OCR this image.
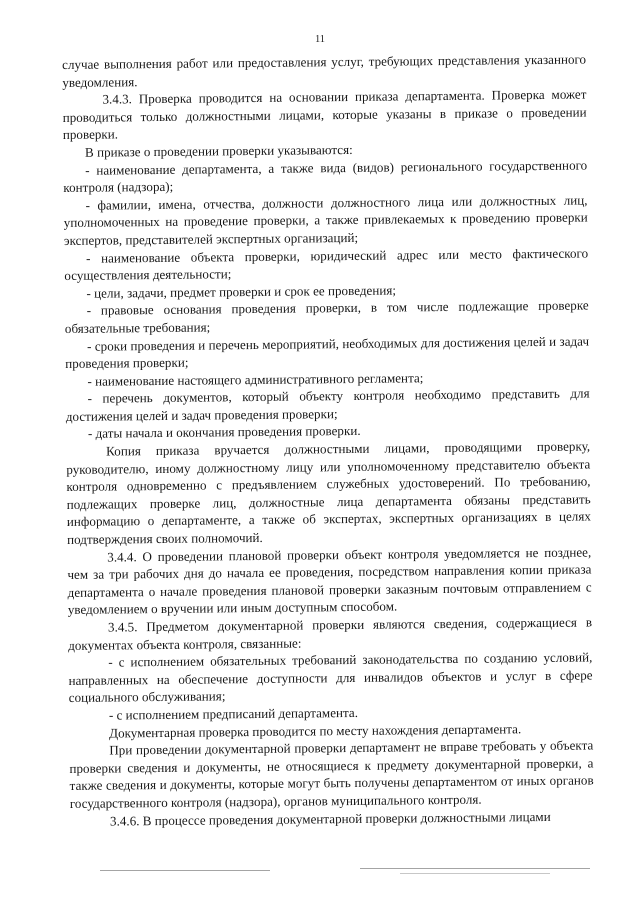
11

случае выполнения работ или предоставления услуг, требующих представления указанного уведомления.

3.4.3. Проверка проводится на основании приказа департамента. Проверка может проводиться только должностными лицами, которые указаны в приказе о проведении проверки.

В приказе о проведении проверки указываются:

- наименование департамента, а также вида (видов) регионального государственного контроля (надзора);

- фамилии, имена, отчества, должности должностного лица или должностных лиц, уполномоченных на проведение проверки, а также привлекаемых к проведению проверки экспертов, представителей экспертных организаций;

- наименование объекта проверки, юридический адрес или место фактического осуществления деятельности;

- цели, задачи, предмет проверки и срок ее проведения;

- правовые основания проведения проверки, в том числе подлежащие проверке обязательные требования;

- сроки проведения и перечень мероприятий, необходимых для достижения целей и задач проведения проверки;

- наименование настоящего административного регламента;

- перечень документов, который объекту контроля необходимо представить для достижения целей и задач проведения проверки;

- даты начала и окончания проведения проверки.

Копия приказа вручается должностными лицами, проводящими проверку, руководителю, иному должностному лицу или уполномоченному представителю объекта контроля одновременно с предъявлением служебных удостоверений. По требованию, подлежащих проверке лиц, должностные лица департамента обязаны представить информацию о департаменте, а также об экспертах, экспертных организациях в целях подтверждения своих полномочий.

3.4.4. О проведении плановой проверки объект контроля уведомляется не позднее, чем за три рабочих дня до начала ее проведения, посредством направления копии приказа департамента о начале проведения плановой проверки заказным почтовым отправлением с уведомлением о вручении или иным доступным способом.

3.4.5. Предметом документарной проверки являются сведения, содержащиеся в документах объекта контроля, связанные:

- с исполнением обязательных требований законодательства по созданию условий, направленных на обеспечение доступности для инвалидов объектов и услуг в сфере социального обслуживания;

- с исполнением предписаний департамента.

Документарная проверка проводится по месту нахождения департамента.

При проведении документарной проверки департамент не вправе требовать у объекта проверки сведения и документы, не относящиеся к предмету документарной проверки, а также сведения и документы, которые могут быть получены департаментом от иных органов государственного контроля (надзора), органов муниципального контроля.

3.4.6. В процессе проведения документарной проверки должностными лицами
